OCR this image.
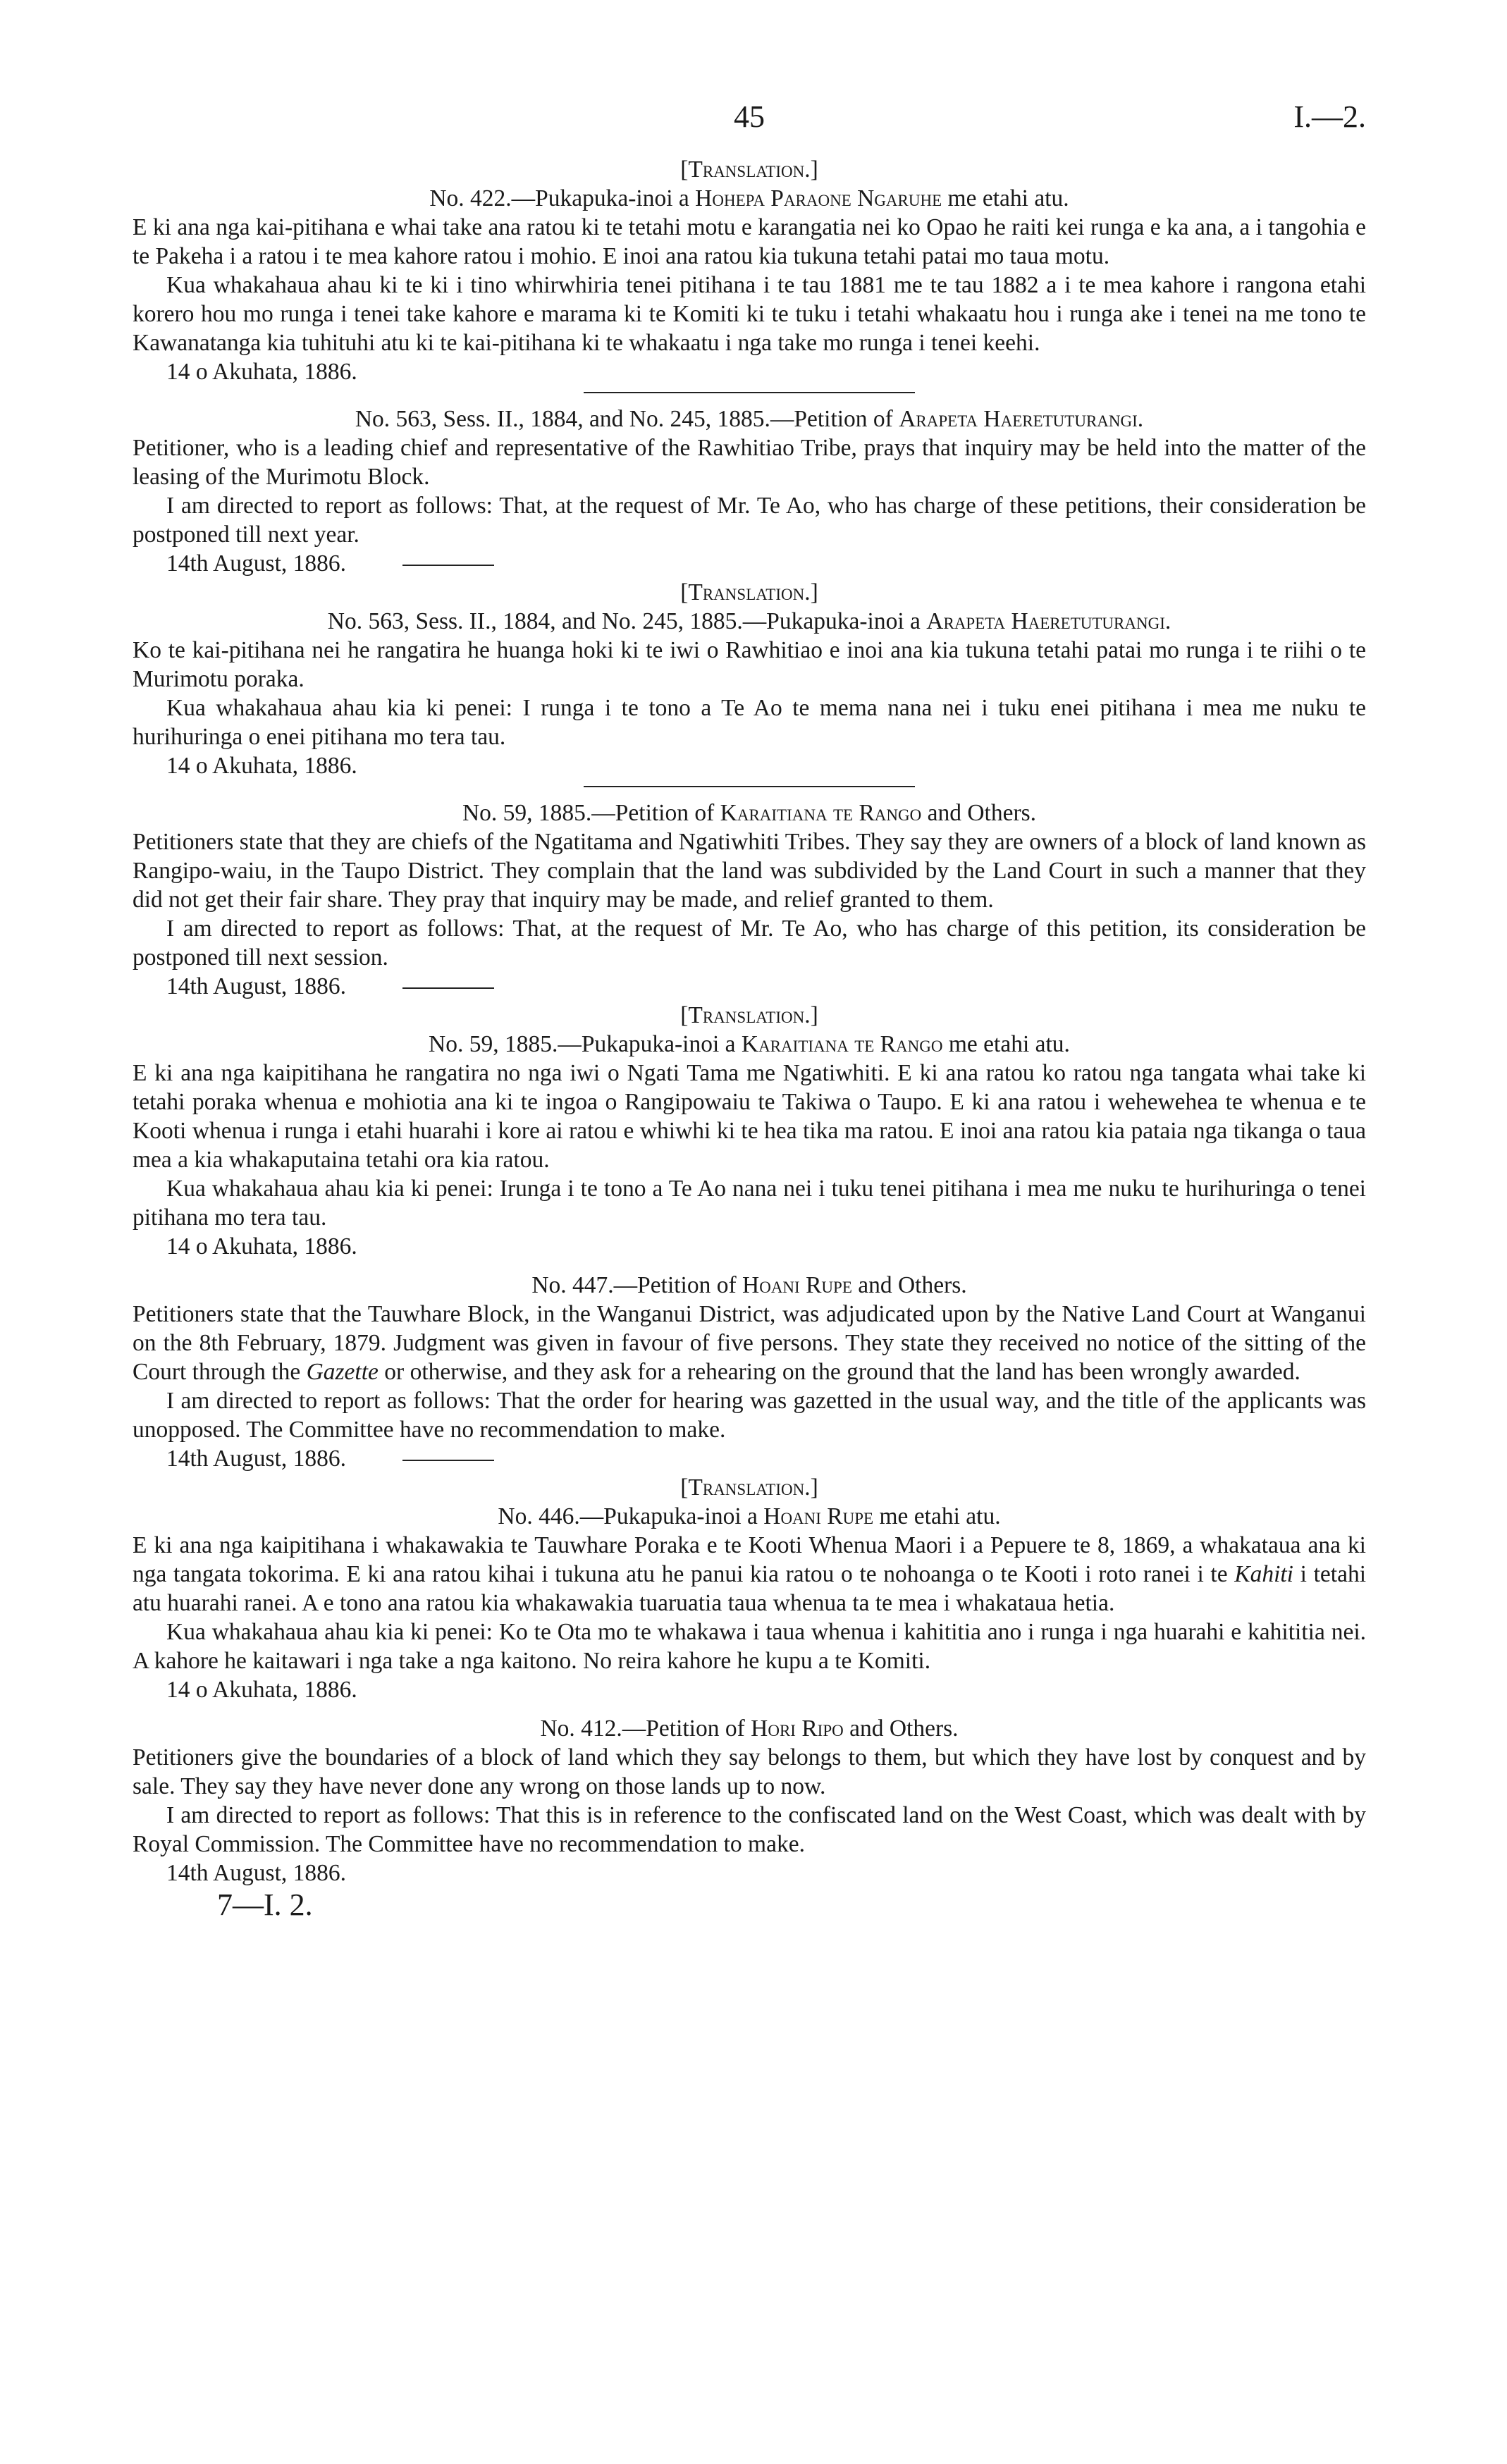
45	I.—2.
[Translation.]
No. 422.—Pukapuka-inoi a Hohepa Paraone Ngaruhe me etahi atu.

E ki ana nga kai-pitihana e whai take ana ratou ki te tetahi motu e karangatia nei ko Opao he raiti kei runga e ka ana, a i tangohia e te Pakeha i a ratou i te mea kahore ratou i mohio. E inoi ana ratou kia tukuna tetahi patai mo taua motu.

Kua whakahaua ahau ki te ki i tino whirwhiria tenei pitihana i te tau 1881 me te tau 1882 a i te mea kahore i rangona etahi korero hou mo runga i tenei take kahore e marama ki te Komiti ki te tuku i tetahi whakaatu hou i runga ake i tenei na me tono te Kawanatanga kia tuhituhi atu ki te kai-pitihana ki te whakaatu i nga take mo runga i tenei keehi.

14 o Akuhata, 1886.
No. 563, Sess. II., 1884, and No. 245, 1885.—Petition of Arapeta Haeretuturangi.

Petitioner, who is a leading chief and representative of the Rawhitiao Tribe, prays that inquiry may be held into the matter of the leasing of the Murimotu Block.

I am directed to report as follows: That, at the request of Mr. Te Ao, who has charge of these petitions, their consideration be postponed till next year.

14th August, 1886.
[Translation.]
No. 563, Sess. II., 1884, and No. 245, 1885.—Pukapuka-inoi a Arapeta Haeretuturangi.

Ko te kai-pitihana nei he rangatira he huanga hoki ki te iwi o Rawhitiao e inoi ana kia tukuna tetahi patai mo runga i te riihi o te Murimotu poraka.

Kua whakahaua ahau kia ki penei: I runga i te tono a Te Ao te mema nana nei i tuku enei pitihana i mea me nuku te hurihuringa o enei pitihana mo tera tau.

14 o Akuhata, 1886.
No. 59, 1885.—Petition of Karaitiana te Rango and Others.

Petitioners state that they are chiefs of the Ngatitama and Ngatiwhiti Tribes. They say they are owners of a block of land known as Rangipo-waiu, in the Taupo District. They complain that the land was subdivided by the Land Court in such a manner that they did not get their fair share. They pray that inquiry may be made, and relief granted to them.

I am directed to report as follows: That, at the request of Mr. Te Ao, who has charge of this petition, its consideration be postponed till next session.

14th August, 1886.
[Translation.]
No. 59, 1885.—Pukapuka-inoi a Karaitiana te Rango me etahi atu.

E ki ana nga kaipitihana he rangatira no nga iwi o Ngati Tama me Ngatiwhiti. E ki ana ratou ko ratou nga tangata whai take ki tetahi poraka whenua e mohiotia ana ki te ingoa o Rangipowaiu te Takiwa o Taupo. E ki ana ratou i wehewehea te whenua e te Kooti whenua i runga i etahi huarahi i kore ai ratou e whiwhi ki te hea tika ma ratou. E inoi ana ratou kia pataia nga tikanga o taua mea a kia whakaputaina tetahi ora kia ratou.

Kua whakahaua ahau kia ki penei: Irunga i te tono a Te Ao nana nei i tuku tenei pitihana i mea me nuku te hurihuringa o tenei pitihana mo tera tau.

14 o Akuhata, 1886.
No. 447.—Petition of Hoani Rupe and Others.

Petitioners state that the Tauwhare Block, in the Wanganui District, was adjudicated upon by the Native Land Court at Wanganui on the 8th February, 1879. Judgment was given in favour of five persons. They state they received no notice of the sitting of the Court through the Gazette or otherwise, and they ask for a rehearing on the ground that the land has been wrongly awarded.

I am directed to report as follows: That the order for hearing was gazetted in the usual way, and the title of the applicants was unopposed. The Committee have no recommendation to make.

14th August, 1886.
[Translation.]
No. 446.—Pukapuka-inoi a Hoani Rupe me etahi atu.

E ki ana nga kaipitihana i whakawakia te Tauwhare Poraka e te Kooti Whenua Maori i a Pepuere te 8, 1869, a whakataua ana ki nga tangata tokorima. E ki ana ratou kihai i tukuna atu he panui kia ratou o te nohoanga o te Kooti i roto ranei i te Kahiti i tetahi atu huarahi ranei. A e tono ana ratou kia whakawakia tuaruatia taua whenua ta te mea i whakataua hetia.

Kua whakahaua ahau kia ki penei: Ko te Ota mo te whakawa i taua whenua i kahititia ano i runga i nga huarahi e kahititia nei. A kahore he kaitawari i nga take a nga kaitono. No reira kahore he kupu a te Komiti.

14 o Akuhata, 1886.
No. 412.—Petition of Hori Ripo and Others.

Petitioners give the boundaries of a block of land which they say belongs to them, but which they have lost by conquest and by sale. They say they have never done any wrong on those lands up to now.

I am directed to report as follows: That this is in reference to the confiscated land on the West Coast, which was dealt with by Royal Commission. The Committee have no recommendation to make.

14th August, 1886.
7—I. 2.
